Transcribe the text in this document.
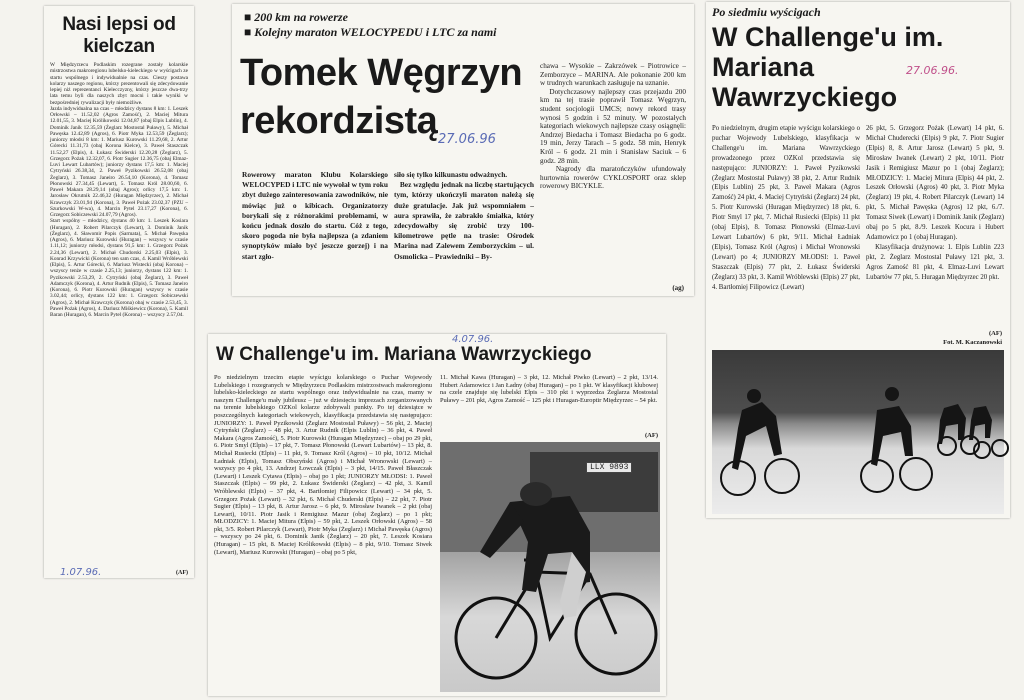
Nasi lepsi od kielczan
W Międzyrzecu Podlaskim rozegrane zostały kolarskie mistrzostwa makroregionu lubelsko-kieleckiego w wyścigach ze startu wspólnego i indywidualnie na czas. Cieszy postawa kolarzy naszego regionu, którzy prezentowali się zdecydowanie lepiej niż reprezentanci Kielecczyzny, którzy jeszcze dwa-trzy lata temu byli dla naszych zbyt mocni i takie wyniki w bezpośredniej rywalizacji były niemożliwe.
Jazda indywidualna na czas – młodzicy dystans 8 km: 1. Leszek Orłowski – 11.52,02 (Agros Zamość), 2. Maciej Mitura 12.01,55, 3. Maciej Królikowski 12.04,87 (obaj Elpis Lublin), 4. Dominik Janik 12.35,59 (Żeglarz Mostostal Puławy), 5. Michał Pawęska 12.42,89 (Agros), 6. Piotr Myka 12.53,59 (Żeglarz); juniorzy młodsi 8 km: 1. Mariusz Kurowski 11.29,68, 2. Artur Górecki 11.31,73 (obaj Korona Kielce), 3. Paweł Staszczak 11.52,27 (Elpis), 4. Łukasz Świderski 12.20,28 (Żeglarz), 5. Grzegorz Pożak 12.32,07, 6. Piotr Sugier 12.36,75 (obaj Elmaz-Luvi Lewart Lubartów); juniorzy dystans 17,5 km: 1. Maciej Cytryński 26.38,34, 2. Paweł Pyzikowski 26.52,08 (obaj Żeglarz), 3. Tomasz Janeiro 26.54,10 (Korona), 4. Tomasz Płonowski 27.34,45 (Lewart), 5. Tomasz Król 28.00,60, 6. Paweł Makara 28.29,14 (obaj Agros); orlicy 17,5 km: 1. Jarosław Okrutnik 22.46,32 (Huragan Międzyrzec), 2. Michał Krawczyk 23.01,94 (Korona), 3. Paweł Pożak 23.02,37 (PZU – Szurkowski W-wa), 4. Marcin Pytel 23.17,27 (Korona), 6. Grzegorz Sobiczewski 24.07,79 (Agros).
Start wspólny – młodzicy, dystans 40 km: 1. Leszek Kosiara (Huragan), 2. Robert Pilarczyk (Lewart), 3. Dominik Janik (Żeglarz), 4. Sławomir Popis (Sarmata), 5. Michał Pawęska (Agros), 6. Mariusz Kurowski (Huragan) – wszyscy w czasie 1.11,12; juniorzy młodsi, dystans 91,5 km: 1. Grzegorz Pożak 2.24,36 (Lewart), 2. Michał Chudorski 2.25,03 (Elpis), 3. Konrad Krzywicki (Korona) ten sam czas, 4. Kamil Wróblewski (Elpis), 5. Artur Górecki, 6. Mariusz Wistecki (obaj Korona) – wszyscy tenże w czasie 2.25,13; juniorzy, dystans 122 km: 1. Pyzikowski 2.53,29, 2. Cytryński (obaj Żeglarz), 3. Paweł Adamczyk (Korona), 4. Artur Rudnik (Elpis), 5. Tomasz Janeiro (Korona), 6. Piotr Kurowski (Huragan) wszyscy w czasie 3.02,44; orlicy, dystans 122 km: 1. Grzegorz Sobiczewski (Agros), 2. Michał Krawczyk (Korona) obaj w czasie 2.53,45, 3. Paweł Pożak (Agros), 4. Dariusz Miśkiewicz (Korona), 5. Kamil Baran (Huragan), 6. Marcin Pytel (Korona) – wszyscy 2.57,04.
1.07.96.	(AF)
■ 200 km na rowerze
■ Kolejny maraton WELOCYPEDU i LTC za nami
Tomek Węgrzyn
rekordzistą 27.06.96
Rowerowy maraton Klubu Kolarskiego WELOCYPED i LTC nie wywołał w tym roku zbyt dużego zainteresowania zawodników, nie mówiąc już o kibicach. Organizatorzy borykali się z różnorakimi problemami, w końcu jednak doszło do startu. Cóż z tego, skoro pogoda nie była najlepsza (a zdaniem synoptyków miało być jeszcze gorzej) i na start zgło-
siło się tylko kilkunastu odważnych.
Bez względu jednak na liczbę startujących tym, którzy ukończyli maraton należą się duże gratulacje. Jak już wspomniałem – aura sprawiła, że zabrakło śmiałka, który zdecydowałby się zrobić trzy 100-kilometrowe pętle na trasie: Ośrodek Marina nad Zalewem Zemborzyckim – ul. Osmolicka – Prawiedniki – By-
chawa – Wysokie – Zakrzówek – Piotrowice – Zemborzyce – MARINA. Ale pokonanie 200 km w trudnych warunkach zasługuje na uznanie.
Dotychczasowy najlepszy czas przejazdu 200 km na tej trasie poprawił Tomasz Węgrzyn, student socjologii UMCS; nowy rekord trasy wynosi 5 godzin i 52 minuty. W pozostałych kategoriach wiekowych najlepsze czasy osiągnęli: Andrzej Biedacha i Tomasz Biedacha po 6 godz. 19 min, Jerzy Tarach – 5 godz. 58 min, Henryk Król – 6 godz. 21 min i Stanisław Saciuk – 6 godz. 28 min.
Nagrody dla maratończyków ufundowały hurtownia rowerów CYKLOSPORT oraz sklep rowerowy BICYKLE.
(ag)
Po siedmiu wyścigach
W Challenge'u im. Mariana Wawrzyckiego
27.06.96.
Po niedzielnym, drugim etapie wyścigu kolarskiego o puchar Wojewody Lubelskiego, klasyfikacja w Challenge'u im. Mariana Wawrzyckiego prowadzonego przez OZKol przedstawia się następująco: JUNIORZY: 1. Paweł Pyzikowski (Żeglarz Mostostal Puławy) 38 pkt, 2. Artur Rudnik (Elpis Lublin) 25 pkt, 3. Paweł Makara (Agros Zamość) 24 pkt, 4. Maciej Cytryński (Żeglarz) 24 pkt, 5. Piotr Kurowski (Huragan Międzyrzec) 18 pkt, 6. Piotr Smyl 17 pkt, 7. Michał Rusiecki (Elpis) 11 pkt (obaj Elpis), 8. Tomasz Płonowski (Elmaz-Luvi Lewart Lubartów) 6 pkt, 9/11. Michał Ładniak (Elpis), Tomasz Król (Agros) i Michał Wronowski (Lewart) po 4; JUNIORZY MŁODSI: 1. Paweł Staszczak (Elpis) 77 pkt, 2. Łukasz Świderski (Żeglarz) 33 pkt, 3. Kamil Wróblewski (Elpis) 27 pkt, 4. Bartłomiej Filipowicz (Lewart)
26 pkt, 5. Grzegorz Pożak (Lewart) 14 pkt, 6. Michał Chuderecki (Elpis) 9 pkt, 7. Piotr Sugier (Elpis) 8, 8. Artur Jarosz (Lewart) 5 pkt, 9. Mirosław Iwanek (Lewart) 2 pkt, 10/11. Piotr Jasik i Remigiusz Mazur po 1 (obaj Żeglarz); MŁODZICY: 1. Maciej Mitura (Elpis) 44 pkt, 2. Leszek Orłowski (Agros) 40 pkt, 3. Piotr Myka (Żeglarz) 19 pkt, 4. Robert Pilarczyk (Lewart) 14 pkt, 5. Michał Pawęska (Agros) 12 pkt, 6./7. Tomasz Siwek (Lewart) i Dominik Janik (Żeglarz) obaj po 5 pkt, 8./9. Leszek Kocura i Hubert Adamowicz po 1 (obaj Huragan).
Klasyfikacja drużynowa: 1. Elpis Lublin 223 pkt, 2. Żeglarz Mostostal Puławy 121 pkt, 3. Agros Zamość 81 pkt, 4. Elmaz-Luvi Lewart Lubartów 77 pkt, 5. Huragan Międzyrzec 20 pkt.
(AF)
Fot. M. Kaczanowski
W Challenge'u im. Mariana Wawrzyckiego
4.07.96.
Po niedzielnym trzecim etapie wyścigu kolarskiego o Puchar Wojewody Lubelskiego i rozegranych w Międzyrzecu Podlaskim mistrzostwach makroregionu lubelsko-kieleckiego ze startu wspólnego oraz indywidualnie na czas, mamy w naszym Challenge'u mały jubileusz – już w dziesięciu imprezach zorganizowanych na terenie lubelskiego OZKol kolarze zdobywali punkty. Po tej dziesiątce w poszczególnych kategoriach wiekowych, klasyfikacja przedstawia się następująco: JUNIORZY: 1. Paweł Pyzikowski (Żeglarz Mostostal Puławy) – 56 pkt, 2. Maciej Cytryński (Żeglarz) – 48 pkt, 3. Artur Rudnik (Elpis Lublin) – 36 pkt, 4. Paweł Makara (Agros Zamość), 5. Piotr Kurowski (Huragan Międzyrzec) – obaj po 29 pkt, 6. Piotr Smyl (Elpis) – 17 pkt, 7. Tomasz Płonowski (Lewart Lubartów) – 13 pkt, 8. Michał Rusiecki (Elpis) – 11 pkt, 9. Tomasz Król (Agros) – 10 pkt, 10/12. Michał Ładniak (Elpis), Tomasz Obszyński (Agros) i Michał Wronowski (Lewart) – wszyscy po 4 pkt, 13. Andrzej Łowczak (Elpis) – 3 pkt, 14/15. Paweł Błaszczak (Lewart) i Leszek Cytawa (Elpis) – obaj po 1 pkt; JUNIORZY MŁODSI: 1. Paweł Staszczak (Elpis) – 99 pkt, 2. Łukasz Świderski (Żeglarz) – 42 pkt, 3. Kamil Wróblewski (Elpis) – 37 pkt, 4. Bartłomiej Filipowicz (Lewart) – 34 pkt, 5. Grzegorz Pożak (Lewart) – 32 pkt, 6. Michał Chuderski (Elpis) – 22 pkt, 7. Piotr Sugier (Elpis) – 13 pkt, 8. Artur Jarosz – 6 pkt, 9. Mirosław Iwanek – 2 pkt (obaj Lewart), 10/11. Piotr Jasik i Remigiusz Mazur (obaj Żeglarz) – po 1 pkt; MŁODZICY: 1. Maciej Mitura (Elpis) – 59 pkt, 2. Leszek Orłowski (Agros) – 58 pkt, 3/5. Robert Pilarczyk (Lewart), Piotr Myka (Żeglarz) i Michał Pawęska (Agros) – wszyscy po 24 pkt, 6. Dominik Janik (Żeglarz) – 20 pkt, 7. Leszek Kosiara (Huragan) – 15 pkt, 8. Maciej Królikowski (Elpis) – 8 pkt, 9/10. Tomasz Siwek (Lewart), Mariusz Kurowski (Huragan) – obaj po 5 pkt,
11. Michał Kawa (Huragan) – 3 pkt, 12. Michał Piwko (Lewart) – 2 pkt, 13/14. Hubert Adamowicz i Jan Ładny (obaj Huragan) – po 1 pkt. W klasyfikacji klubowej na czele znajduje się lubelski Elpis – 310 pkt i wyprzedza Żeglarza Mostostal Puławy – 201 pkt, Agros Zamość – 125 pkt i Huragan-Europtir Międzyrzec – 54 pkt.
(AF)
LLX 9893
